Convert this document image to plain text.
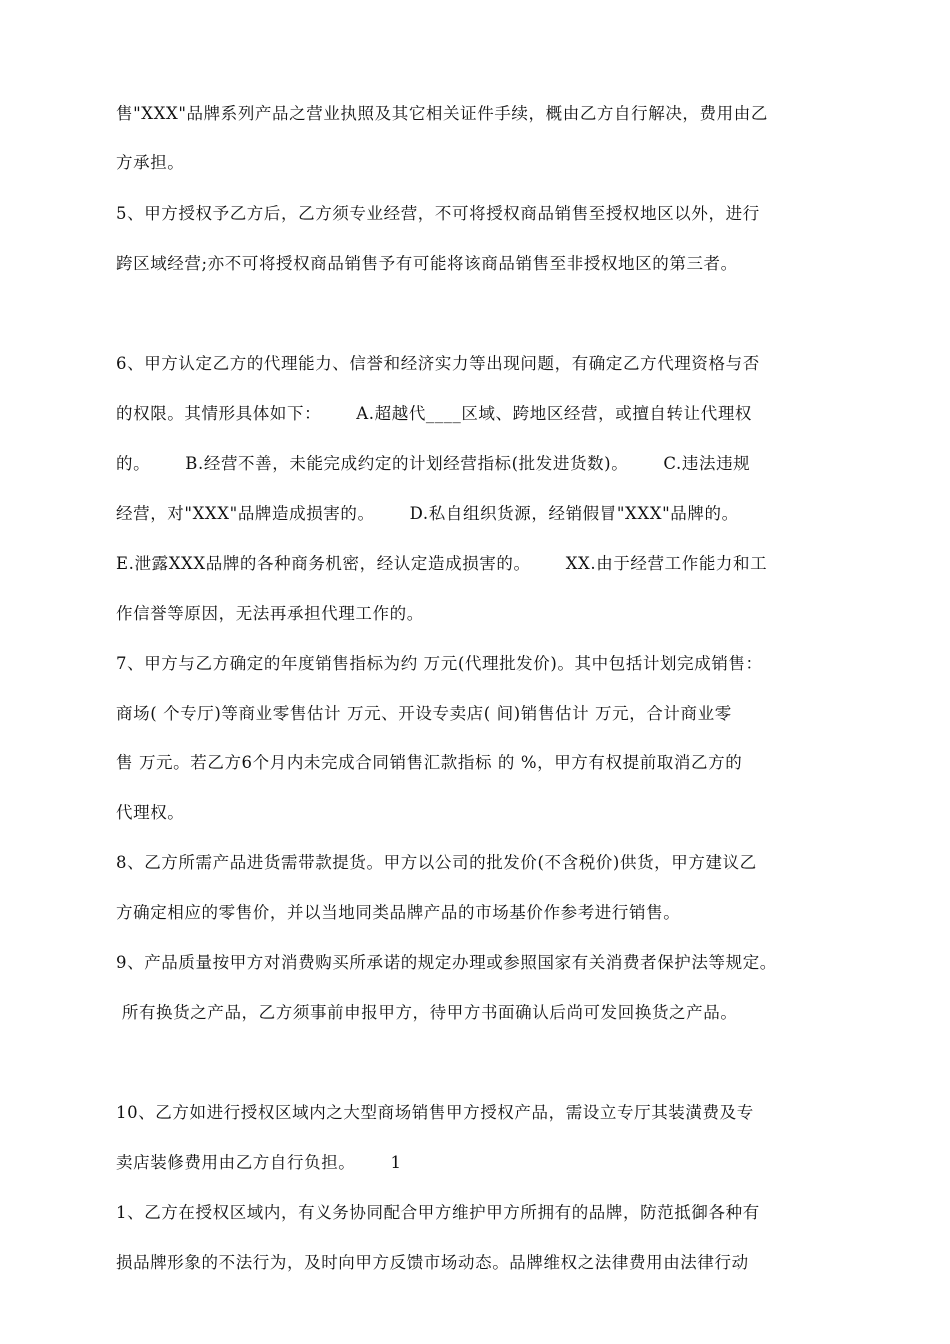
售"XXX"品牌系列产品之营业执照及其它相关证件手续，概由乙方自行解决，费用由乙
方承担。
5、甲方授权予乙方后，乙方须专业经营，不可将授权商品销售至授权地区以外，进行
跨区域经营;亦不可将授权商品销售予有可能将该商品销售至非授权地区的第三者。
6、甲方认定乙方的代理能力、信誉和经济实力等出现问题，有确定乙方代理资格与否
的权限。其情形具体如下：      A.超越代____区域、跨地区经营，或擅自转让代理权
的。      B.经营不善，未能完成约定的计划经营指标(批发进货数)。      C.违法违规
经营，对"XXX"品牌造成损害的。      D.私自组织货源，经销假冒"XXX"品牌的。
E.泄露XXX品牌的各种商务机密，经认定造成损害的。      XX.由于经营工作能力和工
作信誉等原因，无法再承担代理工作的。
7、甲方与乙方确定的年度销售指标为约 万元(代理批发价)。其中包括计划完成销售：
商场( 个专厅)等商业零售估计 万元、开设专卖店( 间)销售估计 万元，合计商业零
售 万元。若乙方6个月内未完成合同销售汇款指标 的 %，甲方有权提前取消乙方的
代理权。
8、乙方所需产品进货需带款提货。甲方以公司的批发价(不含税价)供货，甲方建议乙
方确定相应的零售价，并以当地同类品牌产品的市场基价作参考进行销售。
9、产品质量按甲方对消费购买所承诺的规定办理或参照国家有关消费者保护法等规定。
所有换货之产品，乙方须事前申报甲方，待甲方书面确认后尚可发回换货之产品。
10、乙方如进行授权区域内之大型商场销售甲方授权产品，需设立专厅其装潢费及专
卖店装修费用由乙方自行负担。      1
1、乙方在授权区域内，有义务协同配合甲方维护甲方所拥有的品牌，防范抵御各种有
损品牌形象的不法行为，及时向甲方反馈市场动态。品牌维权之法律费用由法律行动
